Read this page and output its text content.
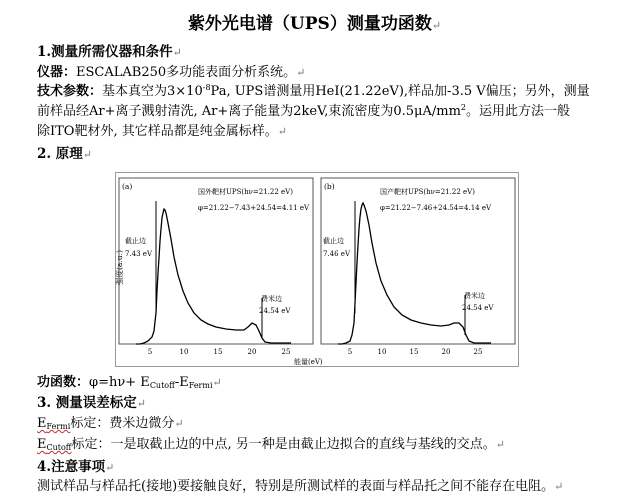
紫外光电谱（UPS）测量功函数↵
1.测量所需仪器和条件↵
仪器：ESCALAB250多功能表面分析系统。↵
技术参数：基本真空为$3\times 10^{-8}Pa$, UPS谱测量用HeⅠ(21.22eV),样品加-3.5 V偏压；另外，测量
前样品经Ar+离子溅射清洗, Ar+离子能量为2keV,束流密度为$0.5\mu A/mm^2$。运用此方法一般
除ITO靶材外, 其它样品都是纯金属标样。↵
2. 原理↵
强度(a.u.)
(a)
国外靶材UPS(hν=21.22 eV)
φ=21.22−7.43+24.54=4.11 eV
截止边
7.43 eV
费米边
24.54 eV
5	10	15	20	25
(b)
国产靶材UPS(hν=21.22 eV)
φ=21.22−7.46+24.54=4.14 eV
截止边
7.46 eV
费米边
24.54 eV
5	10	15	20	25
能量(eV)
功函数：$\varphi=h\nu+ E_{Cutoff}-E_{Fermi}↵$
3. 测量误差标定↵
$E_{Fermi}$标定：费米边微分↵
$E_{Cutoff}$标定：一是取截止边的中点, 另一种是由截止边拟合的直线与基线的交点。↵
4.注意事项↵
测试样品与样品托(接地)要接触良好，特别是所测试样的表面与样品托之间不能存在电阻。↵
